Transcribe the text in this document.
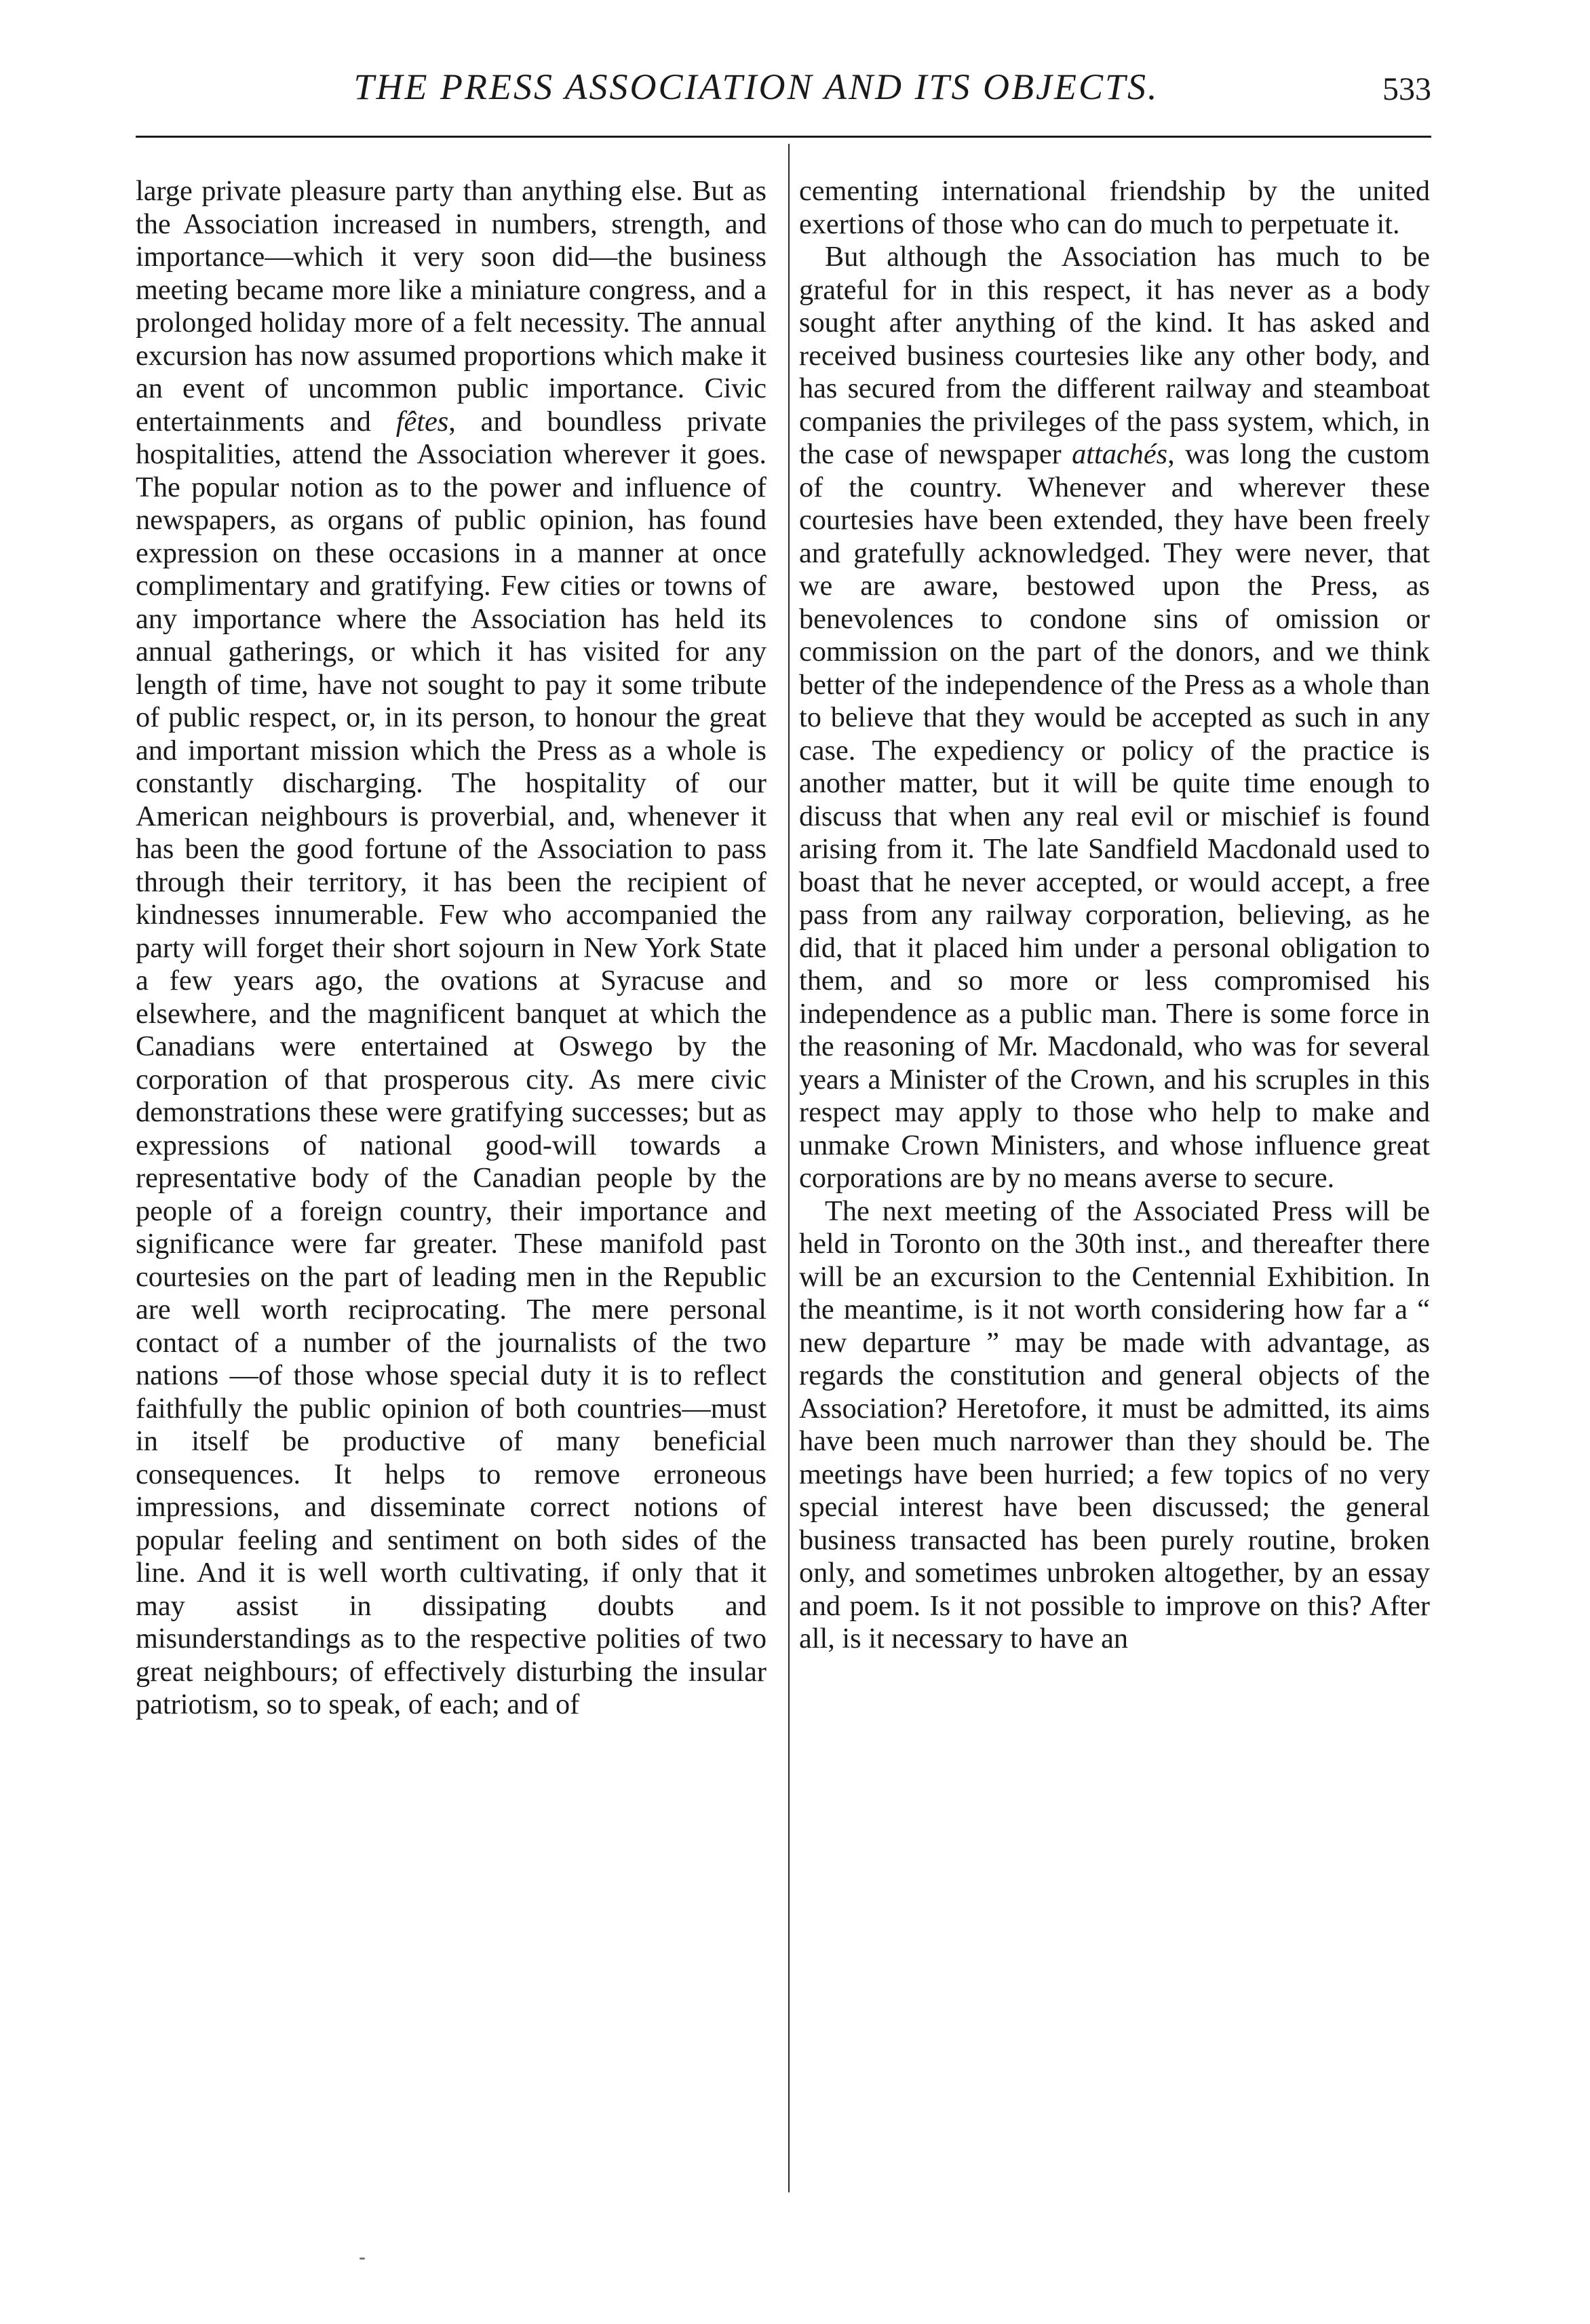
THE PRESS ASSOCIATION AND ITS OBJECTS.	533

large private pleasure party than anything else. But as the Association increased in numbers, strength, and importance—which it very soon did—the business meeting became more like a miniature congress, and a prolonged holiday more of a felt necessity. The annual excursion has now assumed proportions which make it an event of uncommon public importance. Civic entertainments and fêtes, and boundless private hospitalities, attend the Association wherever it goes. The popular notion as to the power and influence of newspapers, as organs of public opinion, has found expression on these occasions in a manner at once complimentary and gratifying. Few cities or towns of any importance where the Association has held its annual gatherings, or which it has visited for any length of time, have not sought to pay it some tribute of public respect, or, in its person, to honour the great and important mission which the Press as a whole is constantly discharging. The hospitality of our American neighbours is proverbial, and, whenever it has been the good fortune of the Association to pass through their territory, it has been the recipient of kindnesses innumerable. Few who accompanied the party will forget their short sojourn in New York State a few years ago, the ovations at Syracuse and elsewhere, and the magnificent banquet at which the Canadians were entertained at Oswego by the corporation of that prosperous city. As mere civic demonstrations these were gratifying successes; but as expressions of national good-will towards a representative body of the Canadian people by the people of a foreign country, their importance and significance were far greater. These manifold past courtesies on the part of leading men in the Republic are well worth reciprocating. The mere personal contact of a number of the journalists of the two nations —of those whose special duty it is to reflect faithfully the public opinion of both countries—must in itself be productive of many beneficial consequences. It helps to remove erroneous impressions, and disseminate correct notions of popular feeling and sentiment on both sides of the line. And it is well worth cultivating, if only that it may assist in dissipating doubts and misunderstandings as to the respective polities of two great neighbours; of effectively disturbing the insular patriotism, so to speak, of each; and of

cementing international friendship by the united exertions of those who can do much to perpetuate it.

But although the Association has much to be grateful for in this respect, it has never as a body sought after anything of the kind. It has asked and received business courtesies like any other body, and has secured from the different railway and steamboat companies the privileges of the pass system, which, in the case of newspaper attachés, was long the custom of the country. Whenever and wherever these courtesies have been extended, they have been freely and gratefully acknowledged. They were never, that we are aware, bestowed upon the Press, as benevolences to condone sins of omission or commission on the part of the donors, and we think better of the independence of the Press as a whole than to believe that they would be accepted as such in any case. The expediency or policy of the practice is another matter, but it will be quite time enough to discuss that when any real evil or mischief is found arising from it. The late Sandfield Macdonald used to boast that he never accepted, or would accept, a free pass from any railway corporation, believing, as he did, that it placed him under a personal obligation to them, and so more or less compromised his independence as a public man. There is some force in the reasoning of Mr. Macdonald, who was for several years a Minister of the Crown, and his scruples in this respect may apply to those who help to make and unmake Crown Ministers, and whose influence great corporations are by no means averse to secure.

The next meeting of the Associated Press will be held in Toronto on the 30th inst., and thereafter there will be an excursion to the Centennial Exhibition. In the meantime, is it not worth considering how far a “ new departure ” may be made with advantage, as regards the constitution and general objects of the Association? Heretofore, it must be admitted, its aims have been much narrower than they should be. The meetings have been hurried; a few topics of no very special interest have been discussed; the general business transacted has been purely routine, broken only, and sometimes unbroken altogether, by an essay and poem. Is it not possible to improve on this? After all, is it necessary to have an
